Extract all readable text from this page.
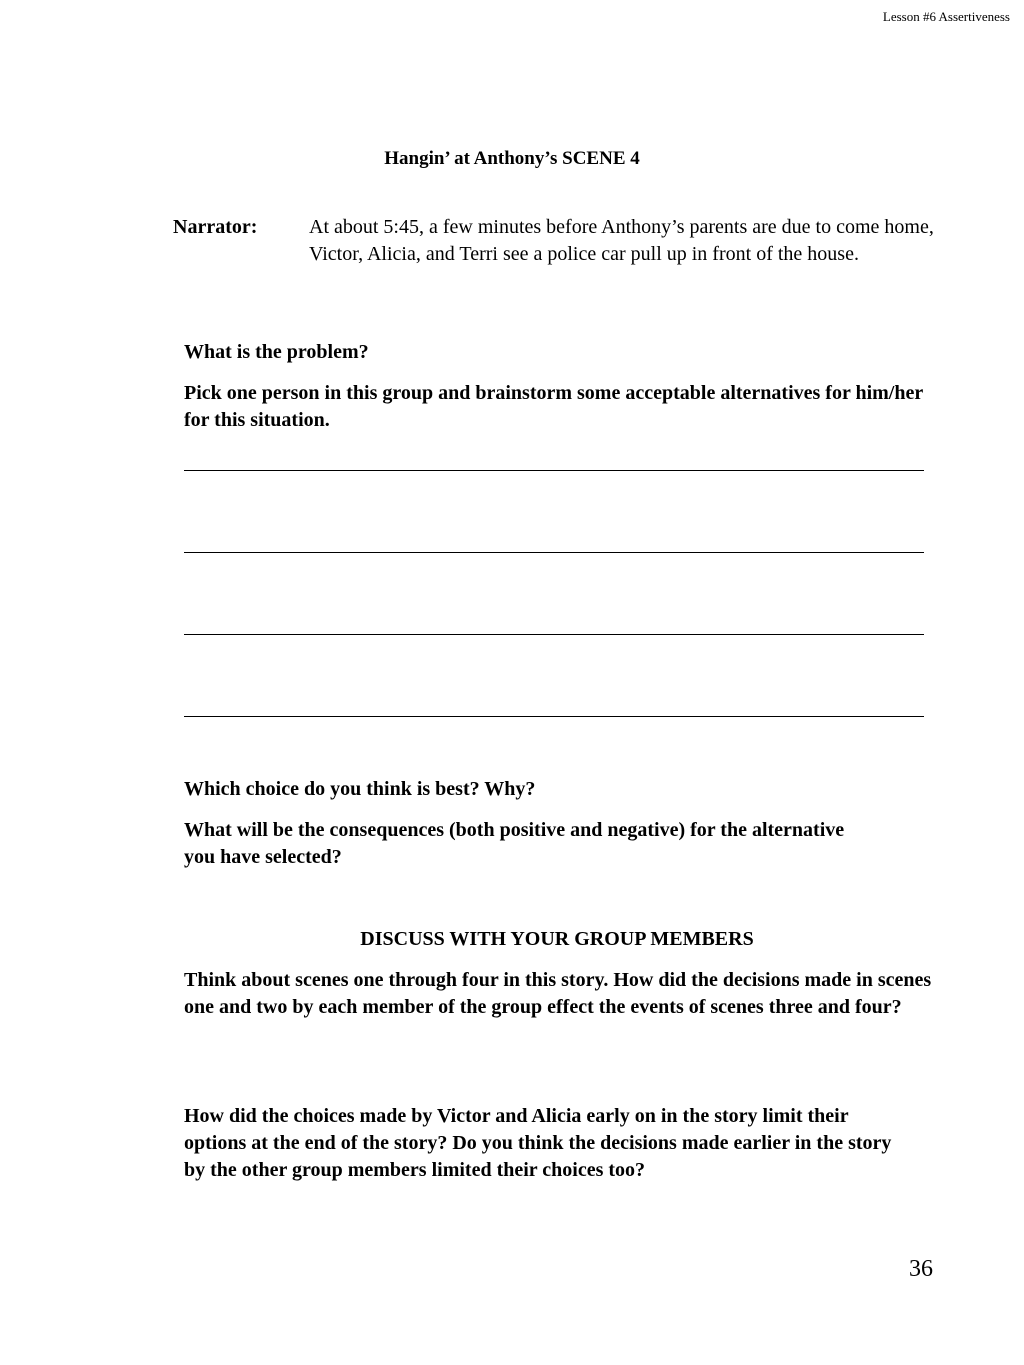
Lesson #6 Assertiveness
Hangin’ at Anthony’s SCENE 4
Narrator:	At about 5:45, a few minutes before Anthony’s parents are due to come home, Victor, Alicia, and Terri see a police car pull up in front of the house.
What is the problem?
Pick one person in this group and brainstorm some acceptable alternatives for him/her for this situation.
Which choice do you think is best? Why?
What will be the consequences (both positive and negative) for the alternative you have selected?
DISCUSS WITH YOUR GROUP MEMBERS
Think about scenes one through four in this story. How did the decisions made in scenes one and two by each member of the group effect the events of scenes three and four?
How did the choices made by Victor and Alicia early on in the story limit their options at the end of the story? Do you think the decisions made earlier in the story by the other group members limited their choices too?
36
